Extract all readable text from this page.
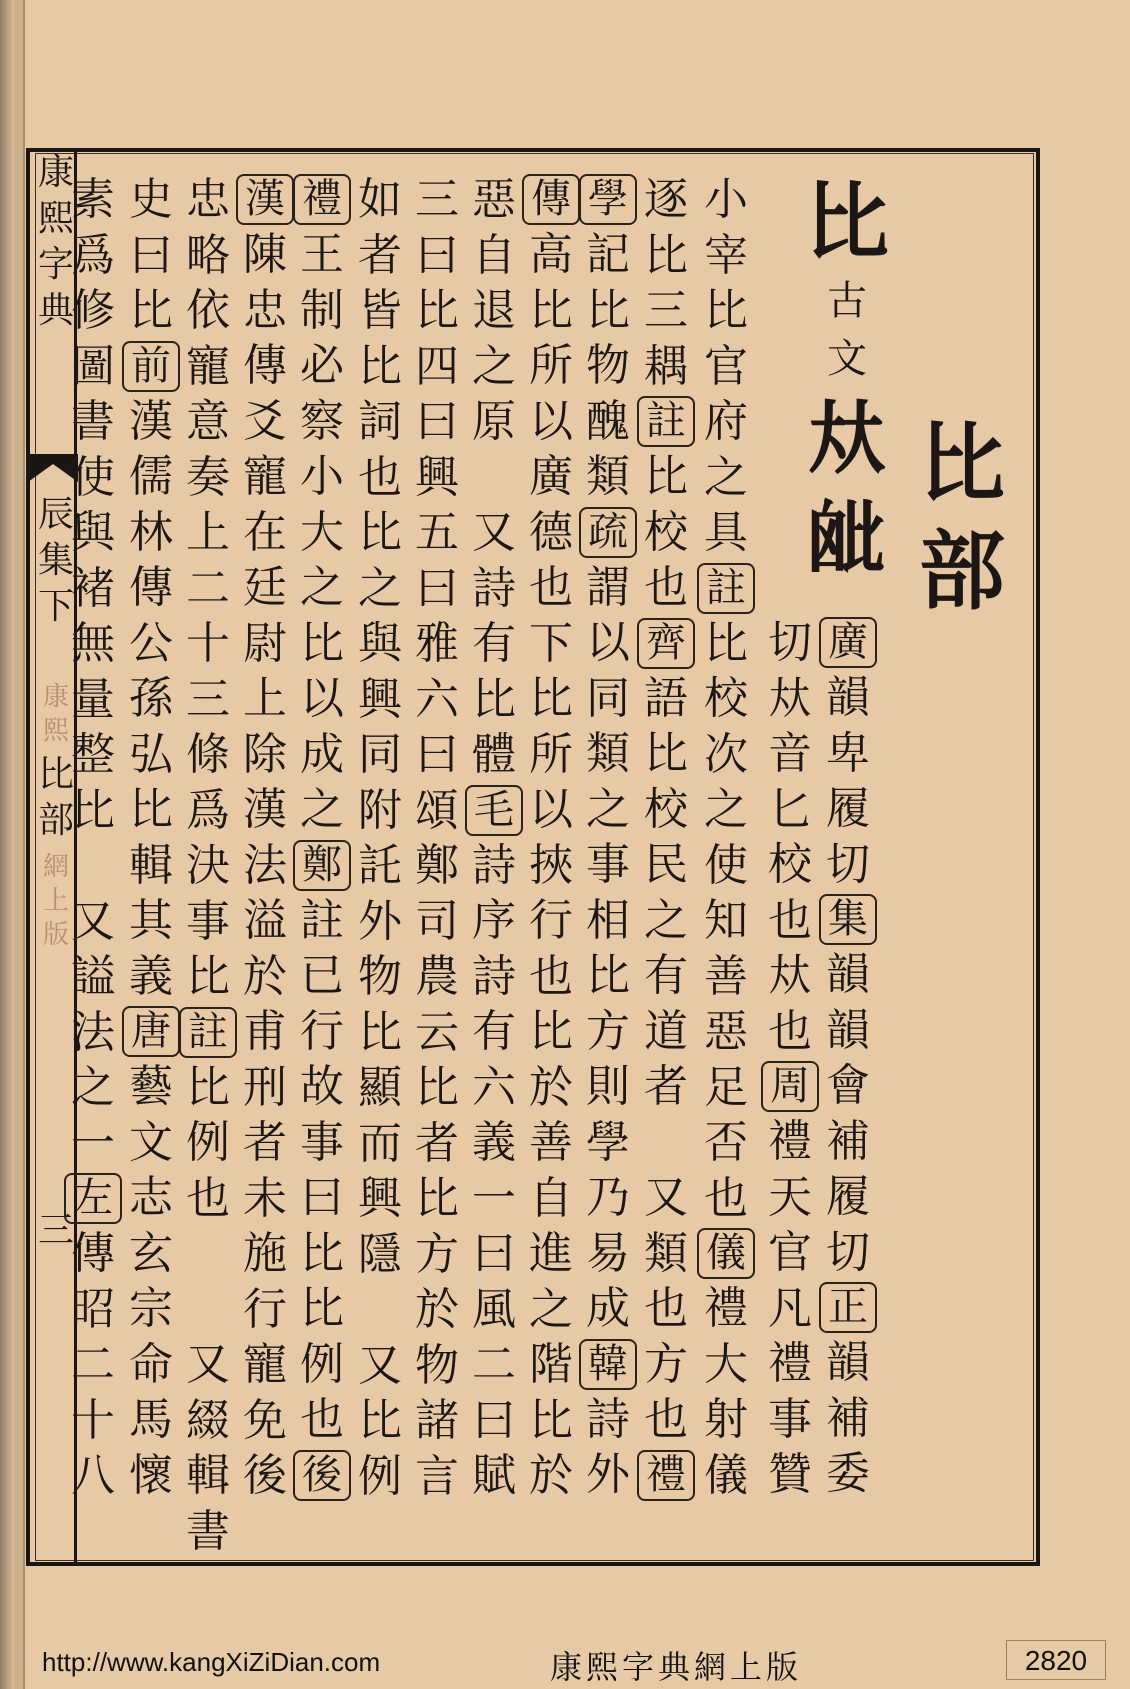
康
熙
字
典
辰
集
下
康
熙
比
部
網
上
版
三
比
部
比
古
文
夶
𣬈
廣
韻
卑
履
切
集
韻
韻
會
補
履
切
正
韻
補
委
切
夶
音
匕
校
也
夶
也
周
禮
天
官
凡
禮
事
贊
小
宰
比
官
府
之
具
註
比
校
次
之
使
知
善
惡
足
否
也
儀
禮
大
射
儀
逐
比
三
耦
註
比
校
也
齊
語
比
校
民
之
有
道
者
又
類
也
方
也
禮
學
記
比
物
醜
類
疏
謂
以
同
類
之
事
相
比
方
則
學
乃
易
成
韓
詩
外
傳
高
比
所
以
廣
德
也
下
比
所
以
挾
行
也
比
於
善
自
進
之
階
比
於
惡
自
退
之
原
又
詩
有
比
體
毛
詩
序
詩
有
六
義
一
曰
風
二
曰
賦
三
曰
比
四
曰
興
五
曰
雅
六
曰
頌
鄭
司
農
云
比
者
比
方
於
物
諸
言
如
者
皆
比
詞
也
比
之
與
興
同
附
託
外
物
比
顯
而
興
隱
又
比
例
禮
王
制
必
察
小
大
之
比
以
成
之
鄭
註
已
行
故
事
曰
比
比
例
也
後
漢
陳
忠
傳
爻
寵
在
廷
尉
上
除
漢
法
溢
於
甫
刑
者
未
施
行
寵
免
後
忠
略
依
寵
意
奏
上
二
十
三
條
爲
決
事
比
註
比
例
也
又
綴
輯
書
史
曰
比
前
漢
儒
林
傳
公
孫
弘
比
輯
其
義
唐
藝
文
志
玄
宗
命
馬
懷
素
爲
修
圖
書
使
與
褚
無
量
整
比
又
謚
法
之
一
左
傳
昭
二
十
八
http://www.kangXiZiDian.com	康熙字典網上版	2820
